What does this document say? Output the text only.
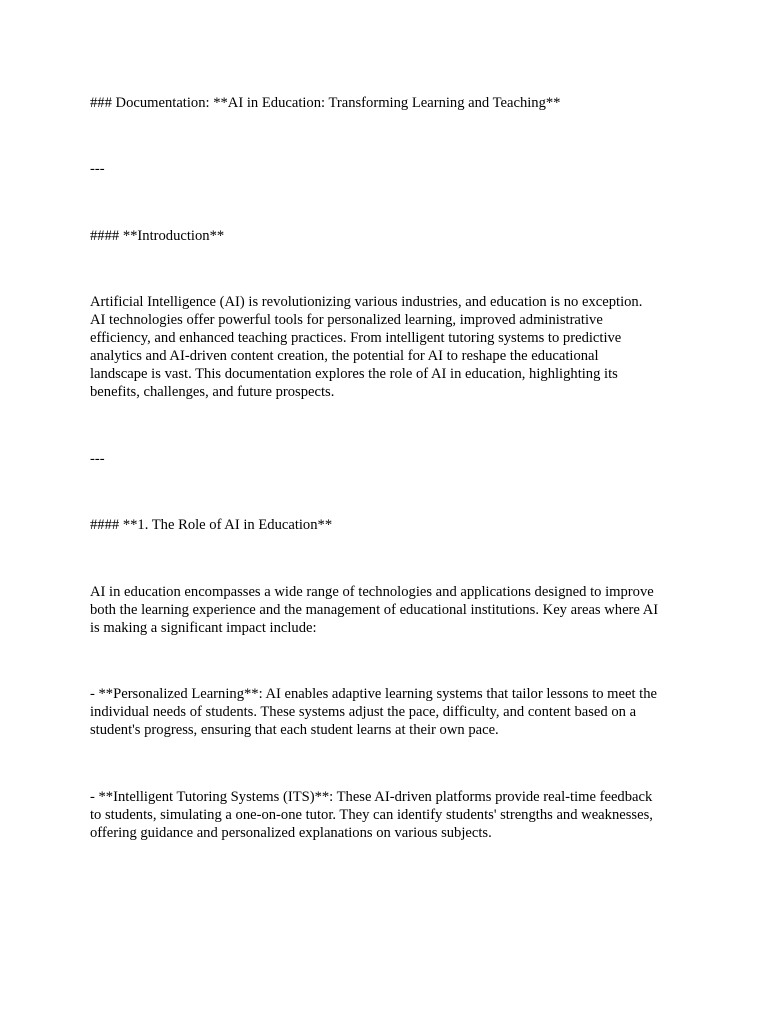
### Documentation: **AI in Education: Transforming Learning and Teaching**
---
#### **Introduction**
Artificial Intelligence (AI) is revolutionizing various industries, and education is no exception.
AI technologies offer powerful tools for personalized learning, improved administrative
efficiency, and enhanced teaching practices. From intelligent tutoring systems to predictive
analytics and AI-driven content creation, the potential for AI to reshape the educational
landscape is vast. This documentation explores the role of AI in education, highlighting its
benefits, challenges, and future prospects.
---
#### **1. The Role of AI in Education**
AI in education encompasses a wide range of technologies and applications designed to improve
both the learning experience and the management of educational institutions. Key areas where AI
is making a significant impact include:
- **Personalized Learning**: AI enables adaptive learning systems that tailor lessons to meet the
individual needs of students. These systems adjust the pace, difficulty, and content based on a
student's progress, ensuring that each student learns at their own pace.
- **Intelligent Tutoring Systems (ITS)**: These AI-driven platforms provide real-time feedback
to students, simulating a one-on-one tutor. They can identify students' strengths and weaknesses,
offering guidance and personalized explanations on various subjects.
